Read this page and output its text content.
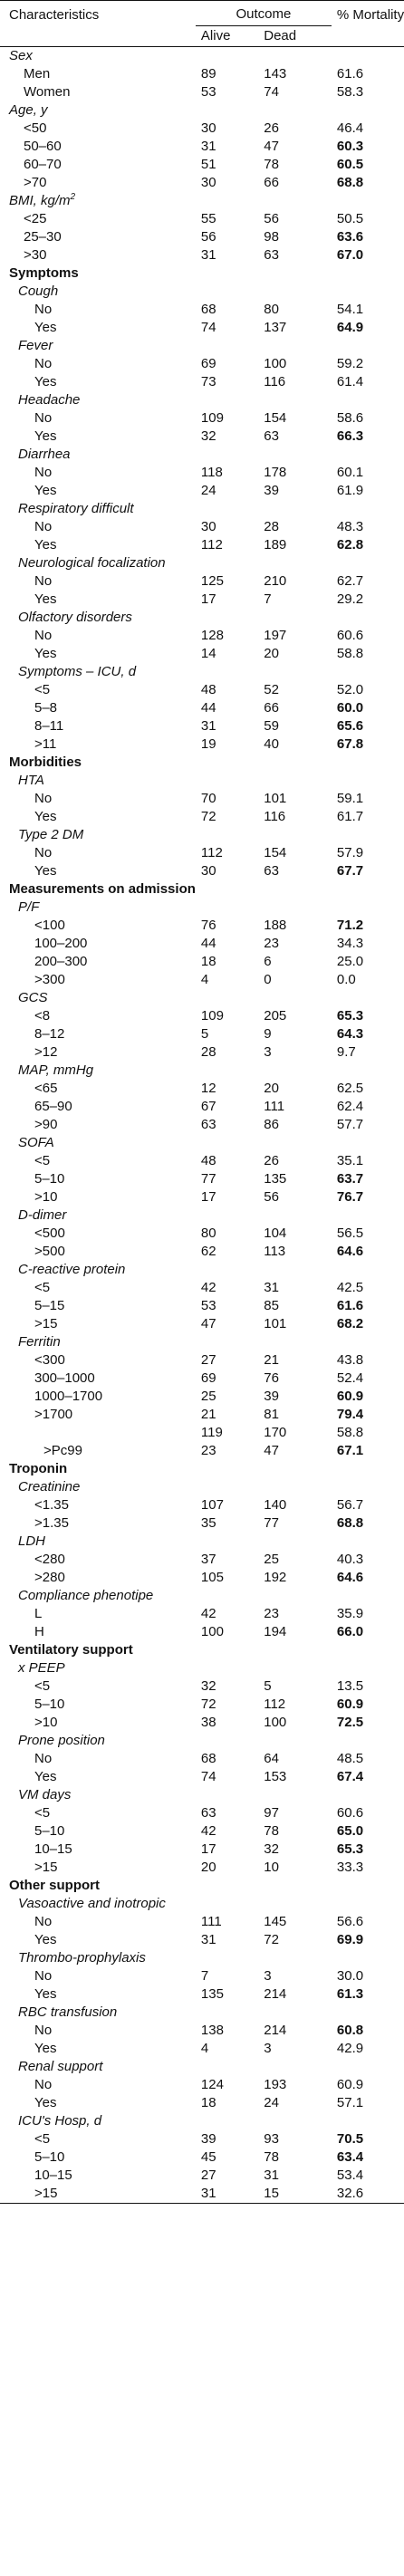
Characteristics	Outcome		% Mortality
	Alive	Dead	
Sex			
Men	89	143	61.6
Women	53	74	58.3
Age, y			
<50	30	26	46.4
50–60	31	47	60.3
60–70	51	78	60.5
>70	30	66	68.8
BMI, $kg/m^2$			
<25	55	56	50.5
25–30	56	98	63.6
>30	31	63	67.0
Symptoms			
Cough			
No	68	80	54.1
Yes	74	137	64.9
Fever			
No	69	100	59.2
Yes	73	116	61.4
Headache			
No	109	154	58.6
Yes	32	63	66.3
Diarrhea			
No	118	178	60.1
Yes	24	39	61.9
Respiratory difficult			
No	30	28	48.3
Yes	112	189	62.8
Neurological focalization			
No	125	210	62.7
Yes	17	7	29.2
Olfactory disorders			
No	128	197	60.6
Yes	14	20	58.8
Symptoms – ICU, d			
<5	48	52	52.0
5–8	44	66	60.0
8–11	31	59	65.6
>11	19	40	67.8
Morbidities			
HTA			
No	70	101	59.1
Yes	72	116	61.7
Type 2 DM			
No	112	154	57.9
Yes	30	63	67.7
Measurements on admission			
P/F			
<100	76	188	71.2
100–200	44	23	34.3
200–300	18	6	25.0
>300	4	0	0.0
GCS			
<8	109	205	65.3
8–12	5	9	64.3
>12	28	3	9.7
MAP, mmHg			
<65	12	20	62.5
65–90	67	111	62.4
>90	63	86	57.7
SOFA			
<5	48	26	35.1
5–10	77	135	63.7
>10	17	56	76.7
D-dimer			
<500	80	104	56.5
>500	62	113	64.6
C-reactive protein			
<5	42	31	42.5
5–15	53	85	61.6
>15	47	101	68.2
Ferritin			
<300	27	21	43.8
300–1000	69	76	52.4
1000–1700	25	39	60.9
>1700	21	81	79.4
	119	170	58.8
>Pc99	23	47	67.1
Troponin			
Creatinine			
<1.35	107	140	56.7
>1.35	35	77	68.8
LDH			
<280	37	25	40.3
>280	105	192	64.6
Compliance phenotipe			
L	42	23	35.9
H	100	194	66.0
Ventilatory support			
x PEEP			
<5	32	5	13.5
5–10	72	112	60.9
>10	38	100	72.5
Prone position			
No	68	64	48.5
Yes	74	153	67.4
VM days			
<5	63	97	60.6
5–10	42	78	65.0
10–15	17	32	65.3
>15	20	10	33.3
Other support			
Vasoactive and inotropic			
No	111	145	56.6
Yes	31	72	69.9
Thrombo-prophylaxis			
No	7	3	30.0
Yes	135	214	61.3
RBC transfusion			
No	138	214	60.8
Yes	4	3	42.9
Renal support			
No	124	193	60.9
Yes	18	24	57.1
ICU's Hosp, d			
<5	39	93	70.5
5–10	45	78	63.4
10–15	27	31	53.4
>15	31	15	32.6
